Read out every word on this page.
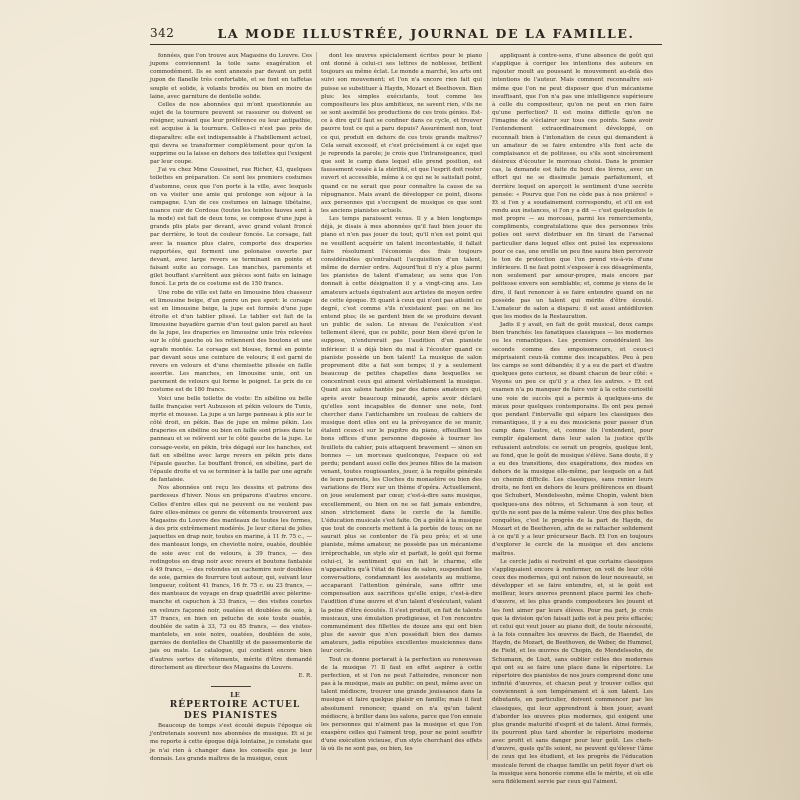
342	LA MODE ILLUSTRÉE, JOURNAL DE LA FAMILLE.

fonnées, que l'on trouve aux Magasins du Louvre. Ces jupons conviennent la toile sans exagération et commodément. Ils se sont annexés par devant un petit jupon de flanelle très confortable, et se font en taffetas souple et solide, à volants brodés ou bien en moire de laine, avec garniture de dentelle solide.

Celles de nos abonnées qui m'ont questionnée au sujet de la tournure peuvent se rassurer ou doivent se résigner, suivant que leur préférence ou leur antipathie, est acquise à la tournure. Celles-ci n'est pas près de disparaître: elle est indispensable à l'habillement actuel, qui devra se transformer complètement pour qu'on la supprime ou la laisse en dehors des toilettes qui l'exigent par leur coupe.

J'ai vu chez Mme Coussinet, rue Richer, 43, quelques toilettes en préparation. Ce sont les premiers costumes d'automne, ceux que l'on porte à la ville, avec lesquels on va visiter une amie qui prolonge son séjour à la campagne. L'un de ces costumes en lainage tibétaine, nuance cuir de Cordoue (toutes les teintes fauves sont à la mode) est fait de deux tons, se compose d'une jupe à grands plis plats par devant, avec grand volant froncé par derrière, le tout de couleur foncée. Le corsage, fait avec la nuance plus claire, comporte des draperies rapportées, qui forment une polonaise ouverte par devant, avec large revers se terminant en pointe et faisant suite au corsage. Les manches, parements et gilet bouffant s'arrêtent aux pièces sont faits en lainage foncé. Le prix de ce costume est de 150 francs.

Une robe de ville est faite en limousine bleu chasseur et limousine beige, d'un genre un peu sport: le corsage est en limousine beige, la jupe est formée d'une jupe étroite et d'un tablier plissé. Le tablier est fait de la limousine bayadère garnie d'un tout galon pareil au haut de la jupe, les draperies en limousine unie très relevées sur le côté gauche où les retiennent des boutons et une agrafe montée. Le corsage est blouse, formé en pointe par devant sous une ceinture de velours; il est garni de revers en velours et d'une chemisette plissée en faille assortie. Les manches, en limousine unie, ont un parement de velours qui forme le poignet. Le prix de ce costume est de 180 francs.

Voici une belle toilette de visite: En sibéline ou belle faille française vert Aubusson et pékin velours de Tunis, myrte et mousse. La jupe a un large panneau à plis sur le côté droit, en pékin. Bas de jupe en même pékin. Les draperies en sibéline ou bien en faille sont prises dans le panneau et se relèvent sur le côté gauche de la jupe. Le corsage-veste, en pékin, très dégagé sur les hanches, est fait en sibéline avec large revers en pékin pris dans l'épaule gauche. Le bouffant froncé, en sibéline, part de l'épaule droite et va se terminer à la taille par une agrafe de fantaisie.

Nos abonnées ont reçu les dessins et patrons des pardessus d'hiver. Nous en préparons d'autres encore. Celles d'entre elles qui ne peuvent ou ne veulent pas faire elles-mêmes ce genre de vêtements trouveront aux Magasins du Louvre des manteaux de toutes les formes, à des prix extrêmement modérés. Je leur citerai de jolies jaquettes en drap noir, toutes en marine, à 11 fr. 75 c., — des manteaux longs, en cheviotte noire, ouatée, doublée de soie avec col de velours, à 39 francs, — des redingotes en drap noir avec revers et boutons fantaisie à 49 francs, — des rotondes en cachemire noir doublées de soie, garnies de fourrure tout autour, qui, suivant leur longueur, coûtent 41 francs, 16 fr. 75 c. ou 23 francs, — des manteaux de voyage en drap quadrillé avec pèlerine-manche et capuchon à 33 francs, — des visites courtes en velours façonné noir, ouatées et doublées de soie, à 37 francs, en bien en peluche de soie toute ouatée, doublée de satin à 33, 73 ou 85 francs, — des visites-mantelets, en soie noire, ouatées, doublées de soie, garnies de dentelles de Chantilly et de passementerie de jais ou mate. Le catalogue, qui contient encore bien d'autres sortes de vêtements, mérite d'être demandé directement au directeur des Magasins du Louvre.

E. R.

LE

RÉPERTOIRE ACTUEL DES PIANISTES

Beaucoup de temps s'est écoulé depuis l'époque où j'entretenais souvent nos abonnées de musique. Et si je me reporte à cette époque déjà lointaine, je constate que je n'ai rien à changer dans les conseils que je leur donnais. Les grands maîtres de la musique, ceux

dont les œuvres spécialement écrites pour le piano ont donné à celui-ci ses lettres de noblesse, brillent toujours au même éclat. Le monde a marché, les arts ont suivi son mouvement; et l'on n'a encore rien fait qui puisse se substituer à Haydn, Mozart et Beethoven. Bien plus: les simples exécutants, tout comme les compositeurs les plus ambitieux, ne savent rien, s'ils ne se sont assimilé les productions de ces trois génies. Est-ce à dire qu'il faut se confiner dans ce cycle, et trouver pauvre tout ce qui a paru depuis? Assurément non, tout ce qui, produit en dehors de ces trois grands maîtres? Cela serait excessif, et c'est précisément à ce sujet que je reprends la parole; je crois que l'intransigeance, quel que soit le camp dans lequel elle prend position, est faussement vouée à la stérilité, et que l'esprit doit rester ouvert et accessible, même à ce qui ne le satisfait point, quand ce ne serait que pour connaître la cause de sa répugnance. Mais avant de développer ce point, disons aux personnes qui s'occupent de musique ce que sont les anciens pianistes actuels.

Les temps paraissent venus. Il y a bien longtemps déjà, je disais à mes abonnées qu'il faut bien jouer du piano et n'en pas jouer du tout; qu'il n'en est point qui ne veuillent acquérir un talent incontestable, il fallait faire résolument l'économie des frais toujours considérables qu'entraînait l'acquisition d'un talent, même de dernier ordre. Aujourd'hui il n'y a plus parmi les pianistes de talent d'amateur, au sens que l'on donnait à cette désignation il y a vingt-cinq ans. Les amateurs actuels équivalent aux artistes de moyen ordre de cette époque. Et quant à ceux qui n'ont pas atteint ce degré, c'est comme s'ils n'existaient pas: on ne les entend plus; ils se gardent bien de se produire devant un public de salon. Le niveau de l'exécution s'est tellement élevé, que ce public, pour bien élevé qu'on le suppose, n'endurerait pas l'audition d'un pianiste inférieur: il a déjà bien du mal à l'écouter quand ce pianiste possède un bon talent! La musique de salon proprement dite a fait son temps; il y a seulement beaucoup de petites chapelles dans lesquelles se concentrent ceux qui aiment véritablement la musique. Quant aux salons hantés par des dames amateurs qui, après avoir beaucoup minaudé, après avoir déclaré qu'elles sont incapables de donner une note, font chercher dans l'antichambre un rouleau de cahiers de musique dont elles ont eu la prévoyance de se munir, étalent ceux-ci sur le pupitre du piano, effeuillent les bons offices d'une personne disposée à tourner les feuillets du cahier, puis attaquent bravement — sinon en bonnes — un morceau quelconque, l'espace où est perdu; pendant aussi celle des jeunes filles de la maison venant, toutes rougissantes, jouer, à la requête générale de leurs parents, les Cloches du monastère ou bien des variations de Herz sur un thème d'opéra. Actuellement, on joue seulement par cœur, c'est-à-dire sans musique, excellemment, ou bien on ne se fait jamais entendre, sinon strictement dans le cercle de la famille. L'éducation musicale s'est faite. On a goûté à la musique que tout de concerts mettent à la portée de tous; on ne saurait plus se contenter de l'à peu près; et si une pianiste, même amateur, ne possède pas un mécanisme irréprochable, un style sûr et parfait, le goût qui forme celui-ci, le sentiment qui en fait le charme, elle n'apparaîtra qu'à l'état de fléau de salon, suspendant les conversations, condamnant les assistants au mutisme, accaparant l'attention générale, sans offrir une compensation aux sacrifices qu'elle exige, c'est-à-dire l'audition d'une œuvre et d'un talent d'exécutant, valant la peine d'être écoutés. Il s'est produit, en fait de talents musicaux, une émulation prodigieuse, et l'on rencontre communément des fillettes de douze ans qui ont bien plus de savoir que n'en possédait bien des dames amateurs, jadis réputées excellentes musiciennes dans leur cercle.

Tout ce donne porterait à la perfection au renouveau de la musique ?! Il faut en effet aspirer à cette perfection, et si l'on ne peut l'atteindre, renoncer non pas à la musique, mais au public: on peut, même avec un talent médiocre, trouver une grande jouissance dans la musique et faire quelque plaisir en famille; mais il faut absolument renoncer, quand on n'a qu'un talent médiocre, à briller dans les salons, parce que l'on ennuie les personnes qui n'aiment pas la musique et que l'on exaspère celles qui l'aiment trop, pour ne point souffrir d'une exécution vicieuse, d'un style cherchant des effets là où ils ne sont pas, ou bien, les

appliquant à contre-sens, d'une absence de goût qui s'applique à corriger les intentions des auteurs en rajouter moult au poussant le mouvement au-delà des intentions de l'auteur. Mais comment reconnaître soi-même que l'on ne peut disposer que d'un mécanisme insuffisant, que l'on n'a pas une intelligence supérieure à celle du compositeur, qu'on ne peut en rien faire qu'une perfection? Il est moins difficile qu'on ne l'imagine de s'éclairer sur tous ces points. Sans avoir l'entendement extraordinairement développé, on reconnaît bien à l'intonation de ceux qui demandent à un amateur de se faire entendre s'ils font acte de complaisance et de politesse, ou s'ils sont sincèrement désireux d'écouter le morceau choisi. Dans le premier cas, la demande est faite du bout des lèvres, avec un effort qui ne se dissimule jamais parfaitement, et derrière lequel on aperçoit le sentiment d'une secrète pensée: « Pourvu que l'on ne cède pas à nos prières! » Et si l'on y a soudainement correspondu, et s'il en est rendu aux instances, si l'on y a dit — c'est quelquefois le mot propre — au morceau, parmi les remerciements, compliments, congratulations que des personnes très polies ont servi distribuer en fin tirant de l'arsenal particulier dans lequel elles ont puisé les expressions pour ce cas, une oreille un peu fine saura bien percevoir le ton de protection que l'on prend vis-à-vis d'une inférieure. Il ne faut point s'exposer à ces désagréments, non seulement par amour-propre, mais encore par politesse envers son semblable; et, comme je viens de le dire, il faut renoncer à se faire entendre quand on ne possède pas un talent qui mérite d'être écouté. L'amateur de salon a disparu: il est aussi antédiluvien que les modes de la Restauration.

Jadis il y avait, en fait de goût musical, deux camps bien tranchés: les fanatiques classiques — les modernes ou les romantiques. Les premiers considéraient les seconds comme des empoisonneurs, et ceux-ci méprisaient ceux-là comme des incapables. Peu à peu les camps se sont débandés; il y a eu de part et d'autre quelques gens curieux, se disant chacun de leur côté: « Voyons un peu ce qu'il y a chez les autres. » Et cet examen n'a pu manquer de faire voir à la cette curiosité une voie de succès qui a permis à quelques-uns de mieux pour quelques contemporains. Ils ont peu pensé que pendant l'intervalle qui sépare les classiques des romantiques, il y a eu des musiciens pour passer d'un camp dans l'autre, et, comme ils l'entendent, pour remplir également dans leur salon la justice qu'ils refusaient autrefois: ce serait un progrès, quelque lent, au fond, que le goût de musique s'élève. Sans doute, il y a eu des transitions, des exagérations, des modes en dehors de la musique elle-même, par lesquels on a fait un chemin difficile. Les classiques, sans renier leurs droits, ne font en dehors de leurs préférences en disant que Schubert, Mendelssohn, même Chopin, valent bien quelques-uns des nôtres, et Schumann à son tour, et qu'ils ne sont pas de la même valeur. Une des plus belles conquêtes, c'est le progrès de la part de Haydn, de Mozart et de Beethoven, afin de se rattacher solidement à ce qu'il y a leur précurseur Bach. Et l'on en toujours d'explorer le cercle de la musique et des anciens maîtres.

Le cercle jadis si restreint et que certains classiques s'appliquaient encore à renfermer, on voit de leur côté ceux des modernes, qui ont raison de leur nouveauté, se développer et se faire entendre, et, si le goût est meilleur, leurs œuvres prennent place parmi les chefs-d'œuvre, et les plus grands compositeurs les jouent et les font aimer par leurs élèves. Pour ma part, je crois que la division qu'on faisait jadis est à peu près effacée; et celui qui veut jouer au piano doit, de toute nécessité, à la fois connaître les œuvres de Bach, de Haendel, de Haydn, de Mozart, de Beethoven, de Weber, de Hummel, de Field, et les œuvres de Chopin, de Mendelssohn, de Schumann, de Liszt, sans oublier celles des modernes qui ont su se faire une place dans le répertoire. Le répertoire des pianistes de nos jours comprend donc une infinité d'œuvres, et chacun peut y trouver celles qui conviennent à son tempérament et à son talent. Les débutants, en particulier, doivent commencer par les classiques, qui leur apprendront à bien jouer, avant d'aborder les œuvres plus modernes, qui exigent une plus grande maturité d'esprit et de talent. Ainsi formés, ils pourront plus tard aborder le répertoire moderne avec profit et sans danger pour leur goût. Les chefs-d'œuvre, quels qu'ils soient, ne peuvent qu'élever l'âme de ceux qui les étudient, et les progrès de l'éducation musicale feront de chaque famille un petit foyer d'art où la musique sera honorée comme elle le mérite, et où elle sera fidèlement servie par ceux qui l'aiment.
